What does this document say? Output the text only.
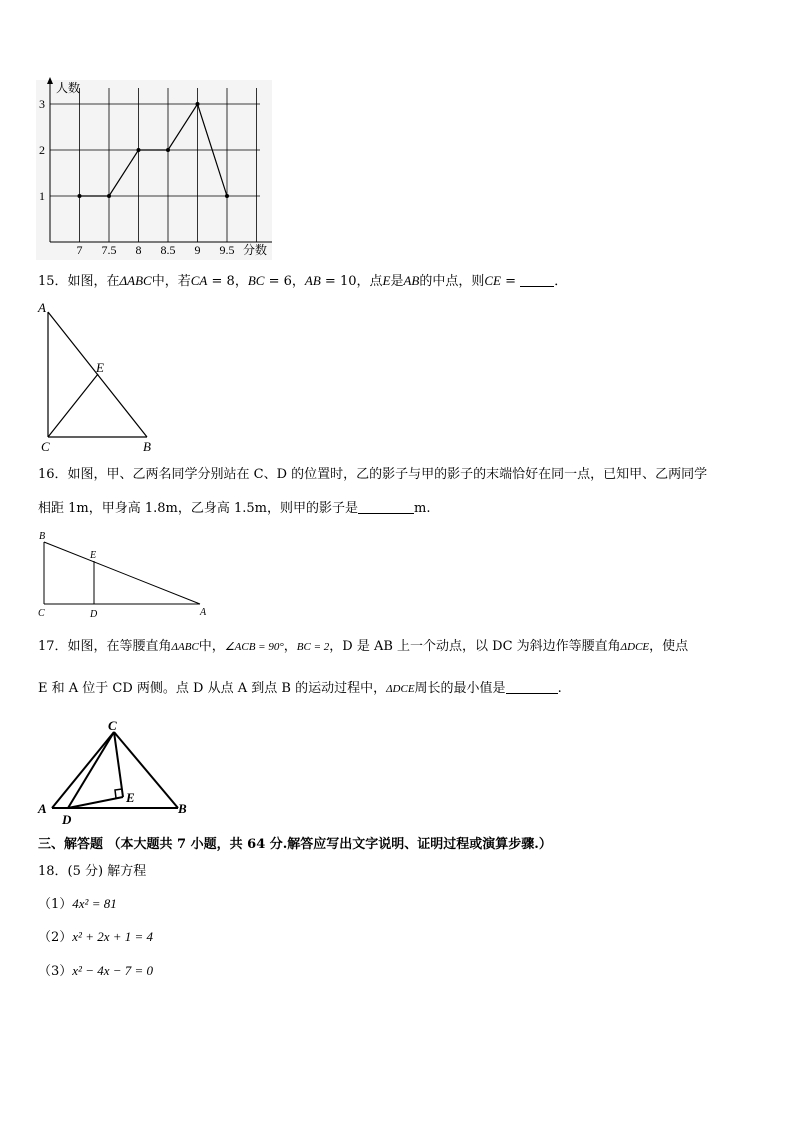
1
2
3
7 7.5 8 8.5 9 9.5
人数
分数
15．如图，在ΔABC中，若CA = 8，BC = 6，AB = 10，点E是AB的中点，则CE =	．
A
E
C	B
16．如图，甲、乙两名同学分别站在 C、D 的位置时，乙的影子与甲的影子的末端恰好在同一点，已知甲、乙两同学
相距 1m，甲身高 1.8m，乙身高 1.5m，则甲的影子是	m.
B
E
C	D	A
17．如图，在等腰直角ΔABC中，∠ACB = 90°，BC = 2，D 是 AB 上一个动点，以 DC 为斜边作等腰直角ΔDCE，使点
E 和 A 位于 CD 两侧。点 D 从点 A 到点 B 的运动过程中，ΔDCE周长的最小值是	.
C
A
D
E
B
三、解答题 （本大题共 7 小题，共 64 分.解答应写出文字说明、证明过程或演算步骤.）
18．(5 分) 解方程
（1）4x² = 81
（2）x² + 2x + 1 = 4
（3）x² − 4x − 7 = 0
